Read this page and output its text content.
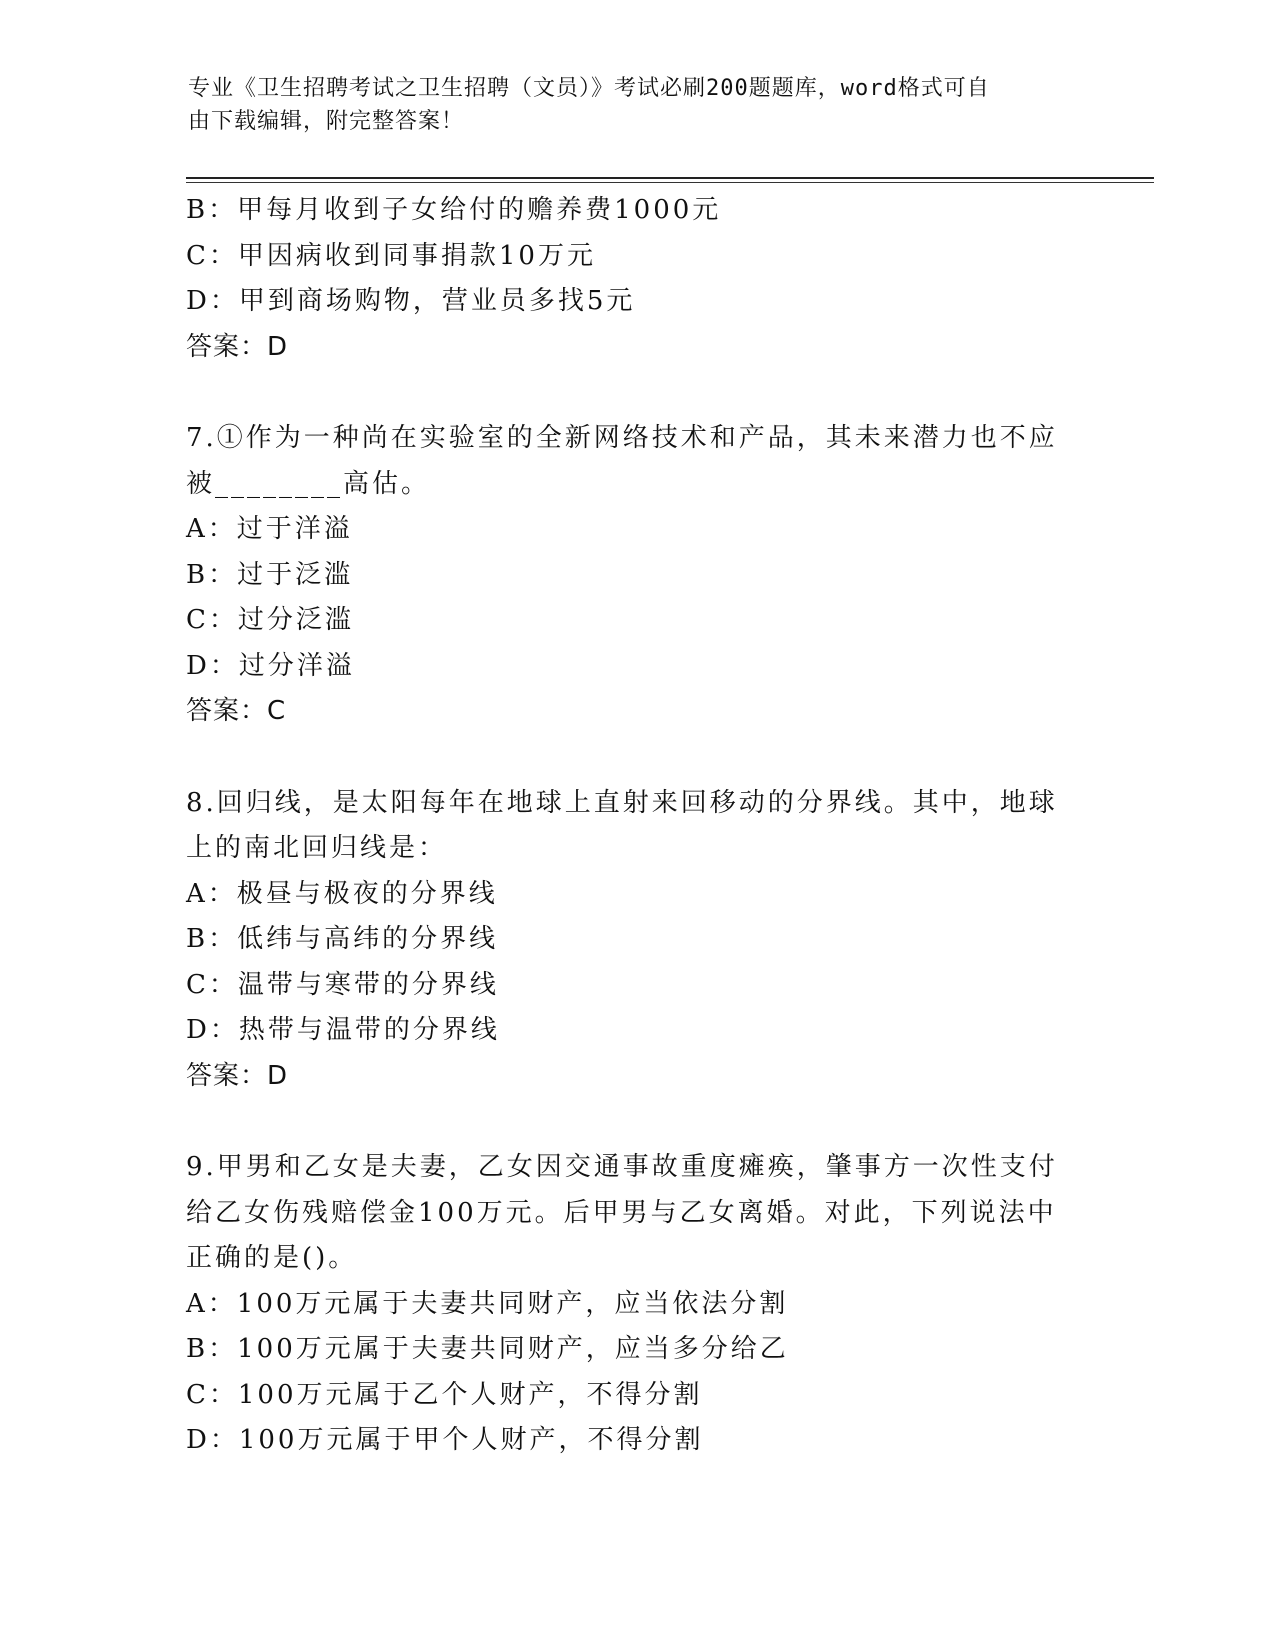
专业《卫生招聘考试之卫生招聘（文员）》考试必刷200题题库，word格式可自
由下载编辑，附完整答案！
B：甲每月收到子女给付的赡养费1000元
C：甲因病收到同事捐款10万元
D：甲到商场购物，营业员多找5元
答案：D
7.①作为一种尚在实验室的全新网络技术和产品，其未来潜力也不应
被________高估。
A：过于洋溢
B：过于泛滥
C：过分泛滥
D：过分洋溢
答案：C
8.回归线，是太阳每年在地球上直射来回移动的分界线。其中，地球
上的南北回归线是：
A：极昼与极夜的分界线
B：低纬与高纬的分界线
C：温带与寒带的分界线
D：热带与温带的分界线
答案：D
9.甲男和乙女是夫妻，乙女因交通事故重度瘫痪，肇事方一次性支付
给乙女伤残赔偿金100万元。后甲男与乙女离婚。对此，下列说法中
正确的是()。
A：100万元属于夫妻共同财产，应当依法分割
B：100万元属于夫妻共同财产，应当多分给乙
C：100万元属于乙个人财产，不得分割
D：100万元属于甲个人财产，不得分割
